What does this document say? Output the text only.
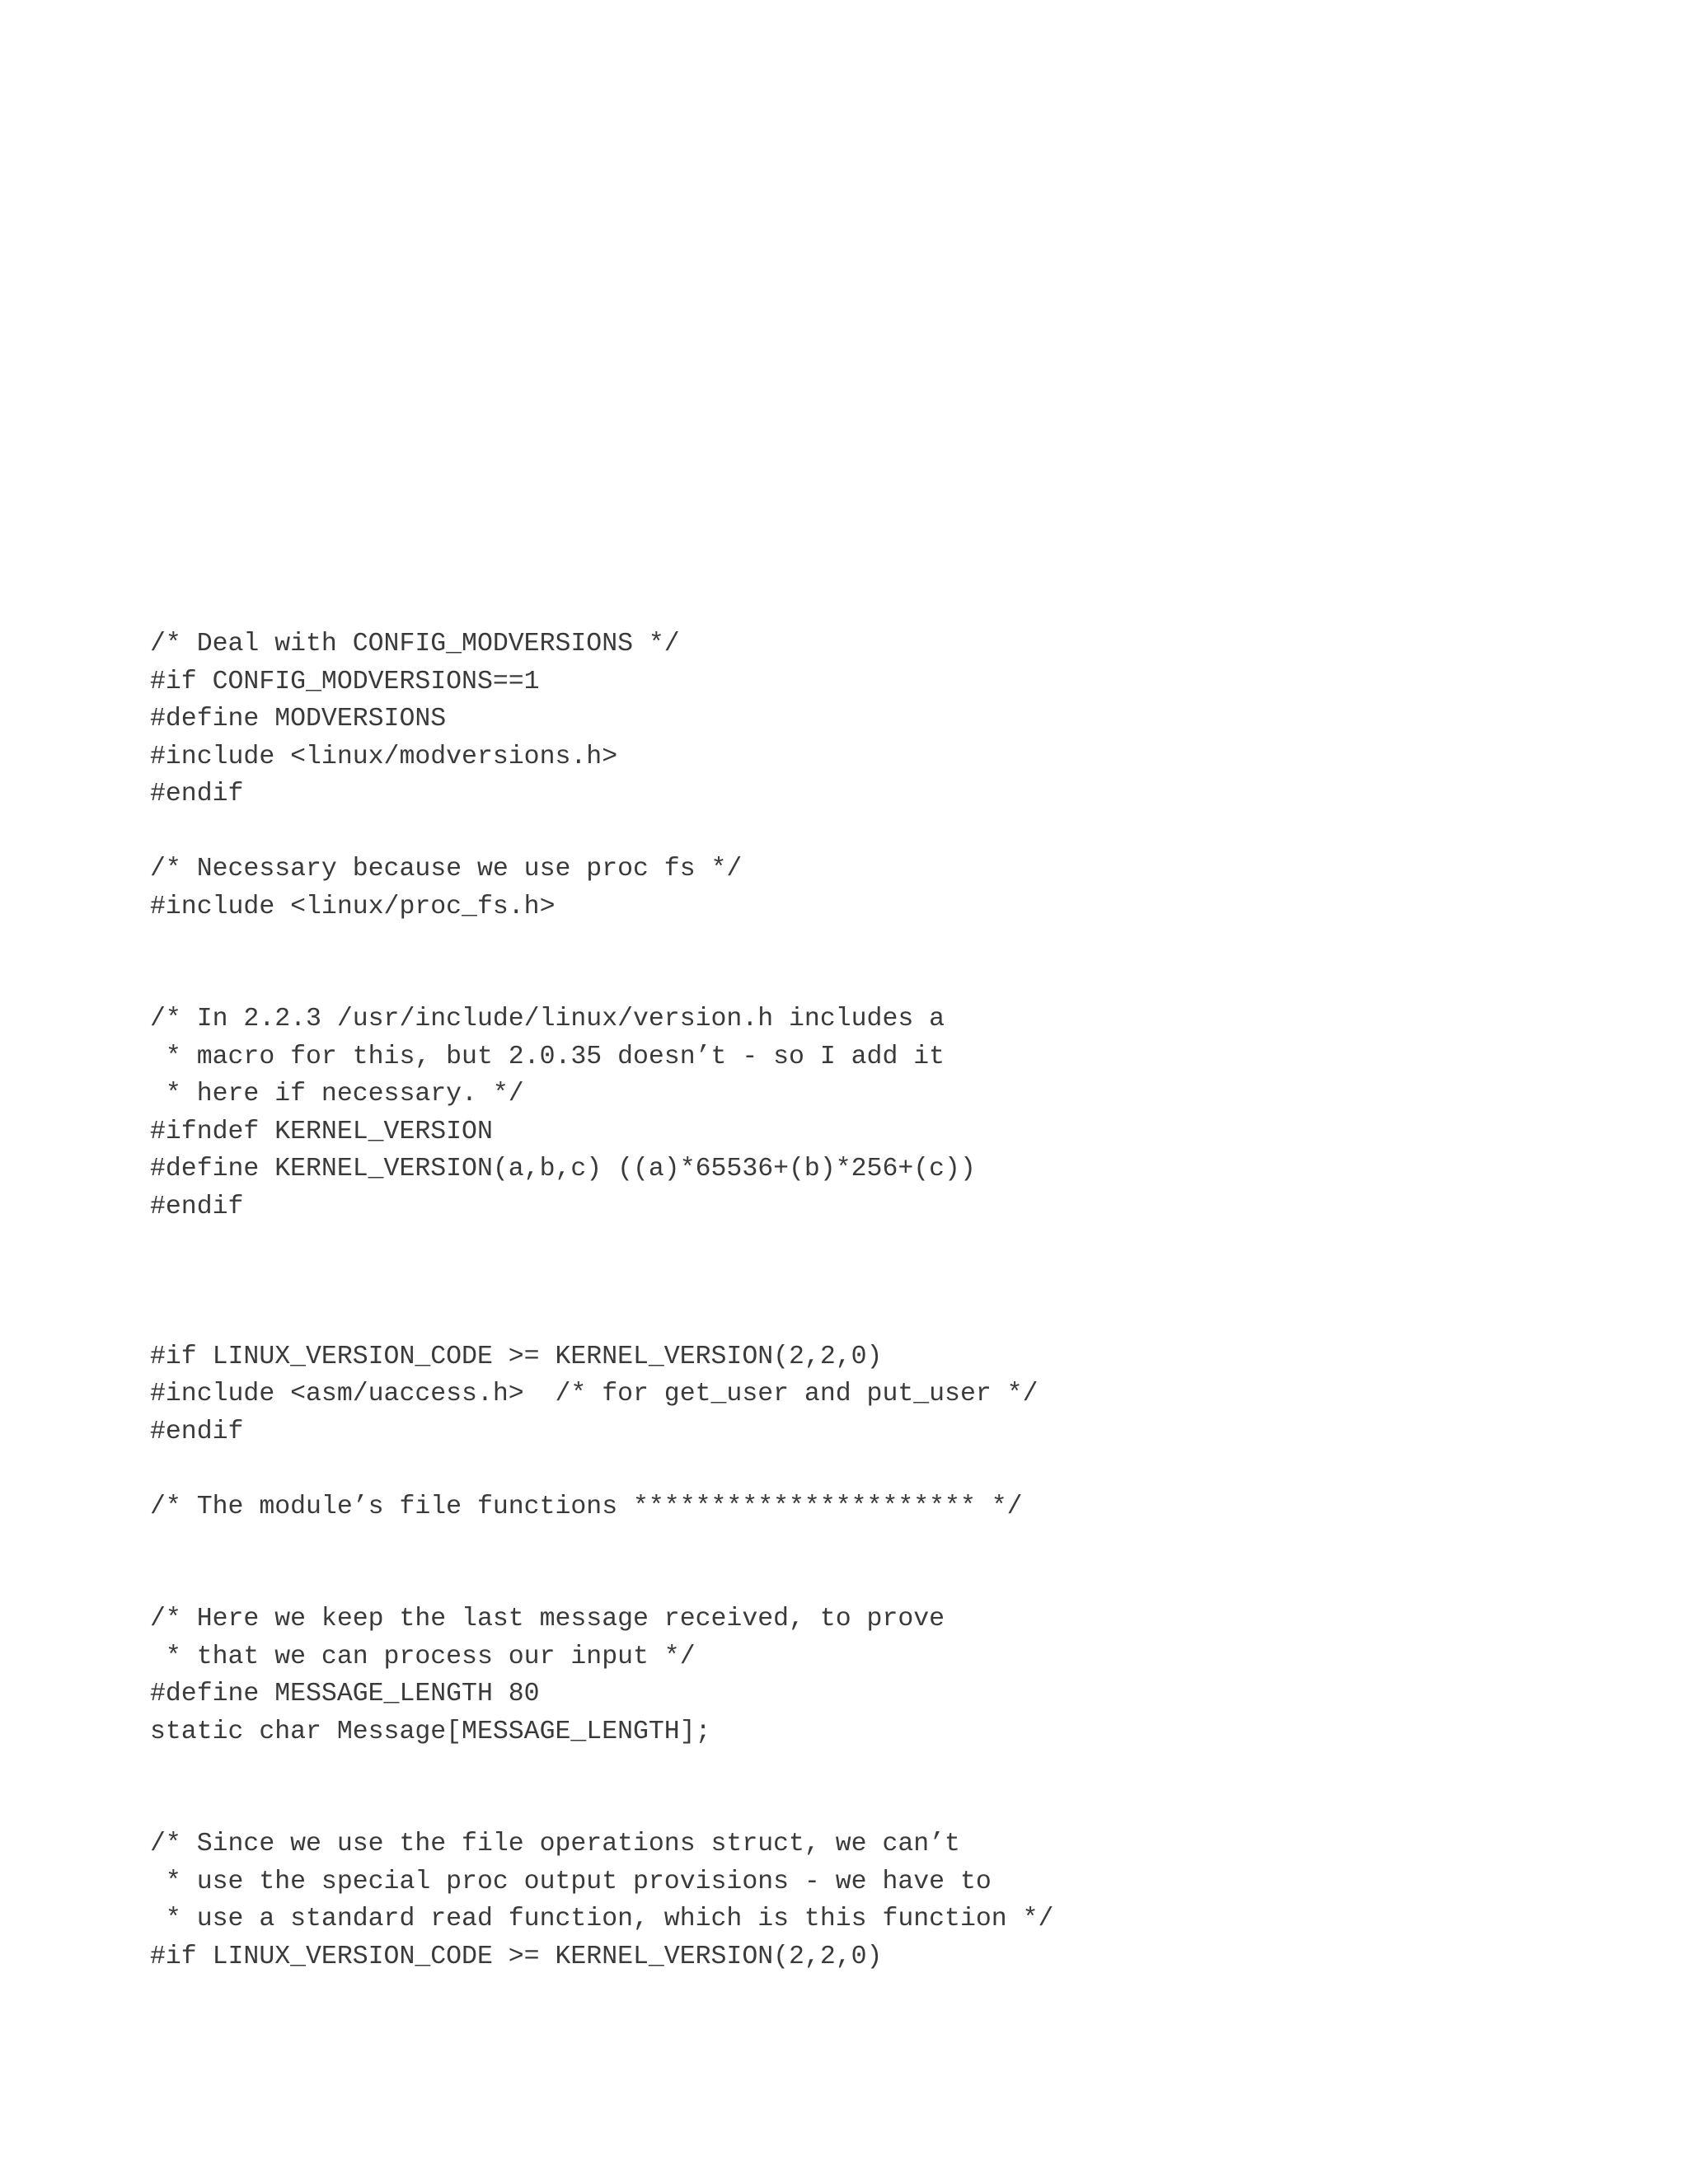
/* Deal with CONFIG_MODVERSIONS */
#if CONFIG_MODVERSIONS==1
#define MODVERSIONS
#include <linux/modversions.h>
#endif
/* Necessary because we use proc fs */
#include <linux/proc_fs.h>
/* In 2.2.3 /usr/include/linux/version.h includes a
* macro for this, but 2.0.35 doesn’t - so I add it
* here if necessary. */
#ifndef KERNEL_VERSION
#define KERNEL_VERSION(a,b,c) ((a)*65536+(b)*256+(c))
#endif
#if LINUX_VERSION_CODE >= KERNEL_VERSION(2,2,0)
#include <asm/uaccess.h>  /* for get_user and put_user */
#endif
/* The module’s file functions ********************** */
/* Here we keep the last message received, to prove
* that we can process our input */
#define MESSAGE_LENGTH 80
static char Message[MESSAGE_LENGTH];
/* Since we use the file operations struct, we can’t
* use the special proc output provisions - we have to
* use a standard read function, which is this function */
#if LINUX_VERSION_CODE >= KERNEL_VERSION(2,2,0)
